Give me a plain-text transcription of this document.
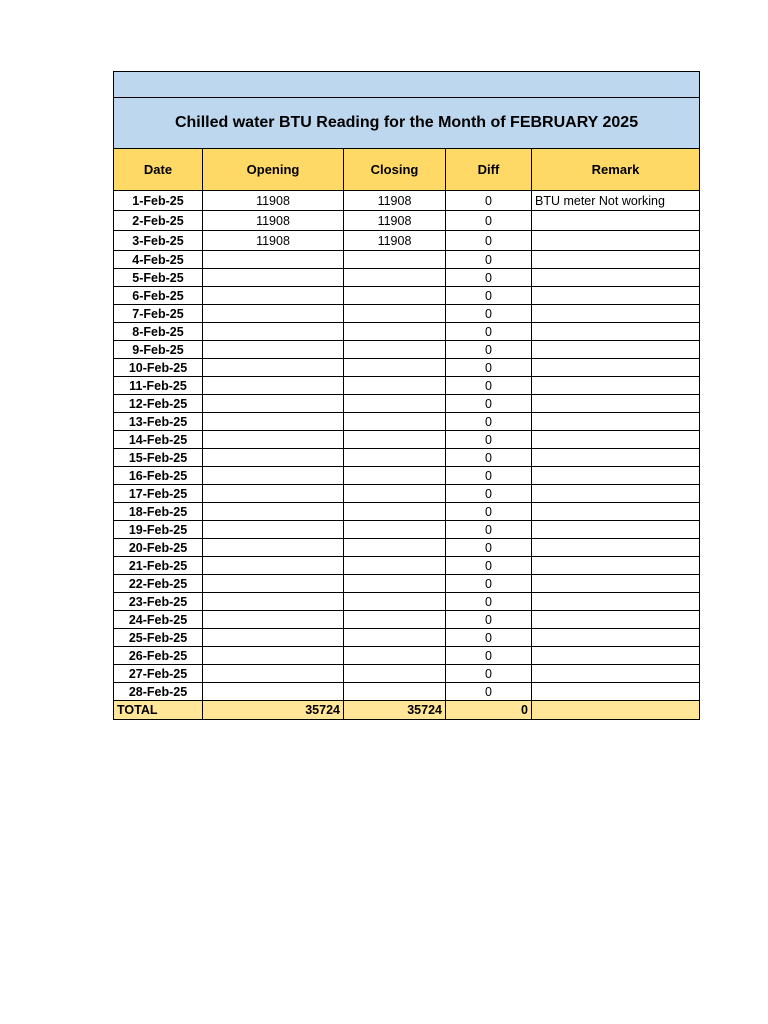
Chilled water BTU Reading for the Month of FEBRUARY 2025				
Date	Opening	Closing	Diff	Remark
1-Feb-25	11908	11908	0	BTU meter Not working
2-Feb-25	11908	11908	0	
3-Feb-25	11908	11908	0	
4-Feb-25			0	
5-Feb-25			0	
6-Feb-25			0	
7-Feb-25			0	
8-Feb-25			0	
9-Feb-25			0	
10-Feb-25			0	
11-Feb-25			0	
12-Feb-25			0	
13-Feb-25			0	
14-Feb-25			0	
15-Feb-25			0	
16-Feb-25			0	
17-Feb-25			0	
18-Feb-25			0	
19-Feb-25			0	
20-Feb-25			0	
21-Feb-25			0	
22-Feb-25			0	
23-Feb-25			0	
24-Feb-25			0	
25-Feb-25			0	
26-Feb-25			0	
27-Feb-25			0	
28-Feb-25			0	
TOTAL	35724	35724	0	
